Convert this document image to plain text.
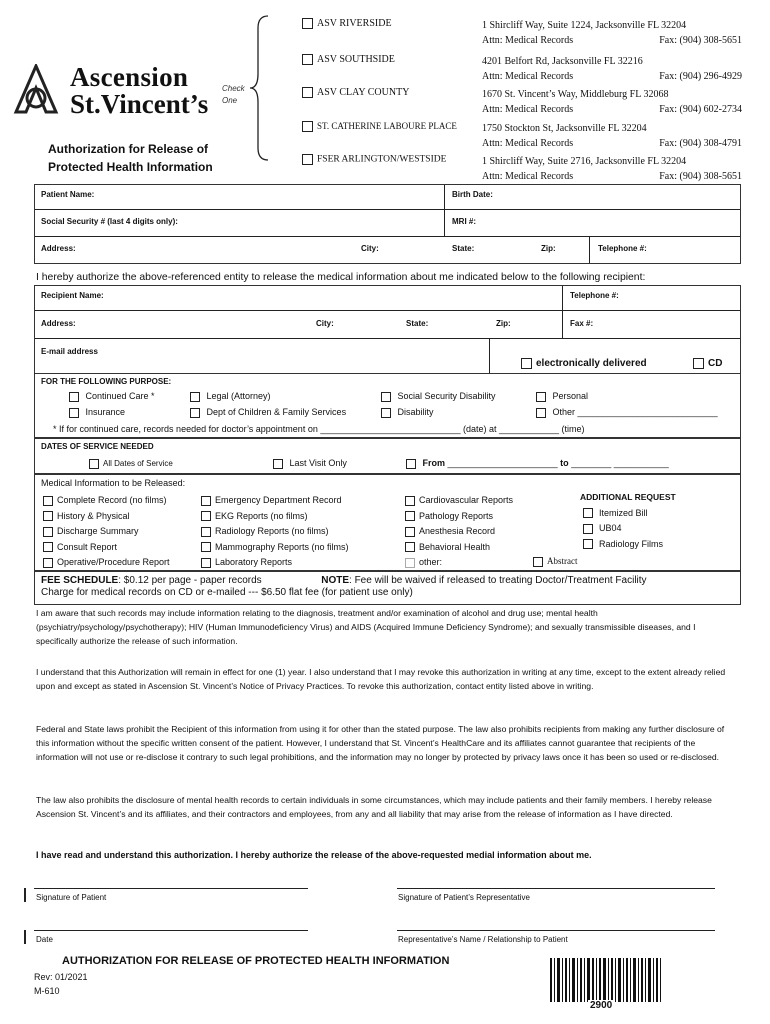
Ascension
St.Vincent’s
Authorization for Release of
Protected Health Information
Check
One
ASV RIVERSIDE	1 Shircliff Way, Suite 1224, Jacksonville FL 32204
Attn: Medical Records	Fax: (904) 308-5651
ASV SOUTHSIDE	4201 Belfort Rd, Jacksonville FL 32216
Attn: Medical Records	Fax: (904) 296-4929
ASV CLAY COUNTY	1670 St. Vincent’s Way, Middleburg FL 32068
Attn: Medical Records	Fax: (904) 602-2734
ST. CATHERINE LABOURE PLACE	1750 Stockton St, Jacksonville FL 32204
Attn: Medical Records	Fax: (904) 308-4791
FSER ARLINGTON/WESTSIDE	1 Shircliff Way, Suite 2716, Jacksonville FL 32204
Attn: Medical Records	Fax: (904) 308-5651
Patient Name:	Birth Date:
Social Security # (last 4 digits only):	MRI #:
Address:	City:	State:	Zip:	Telephone #:
I hereby authorize the above-referenced entity to release the medical information about me indicated below to the following recipient:
Recipient Name:	Telephone #:
Address:	City:	State:	Zip:	Fax #:
E-mail address
electronically delivered	CD
FOR THE FOLLOWING PURPOSE:
Continued Care *
Insurance
Legal (Attorney)
Dept of Children & Family Services
Social Security Disability
Disability
Personal
Other ____________________________
* If for continued care, records needed for doctor’s appointment on ____________________________ (date) at ____________ (time)
DATES OF SERVICE NEEDED
All Dates of Service	Last Visit Only	From ______________________ to ________ ___________
Medical Information to be Released:
Complete Record (no films)
History & Physical
Discharge Summary
Consult Report
Operative/Procedure Report
Emergency Department Record
EKG Reports (no films)
Radiology Reports (no films)
Mammography Reports (no films)
Laboratory Reports
Cardiovascular Reports
Pathology Reports
Anesthesia Record
Behavioral Health
other:	Abstract
ADDITIONAL REQUEST
Itemized Bill
UB04
Radiology Films
FEE SCHEDULE: $0.12 per page - paper records	NOTE: Fee will be waived if released to treating Doctor/Treatment Facility
Charge for medical records on CD or e-mailed --- $6.50 flat fee (for patient use only)
I am aware that such records may include information relating to the diagnosis, treatment and/or examination of alcohol and drug use; mental health (psychiatry/psychology/psychotherapy); HIV (Human Immunodeficiency Virus) and AIDS (Acquired Immune Deficiency Syndrome); and sexually transmissible diseases, and I specifically authorize the release of such information.
I understand that this Authorization will remain in effect for one (1) year. I also understand that I may revoke this authorization in writing at any time, except to the extent already relied upon and except as stated in Ascension St. Vincent’s Notice of Privacy Practices. To revoke this authorization, contact entity listed above in writing.
Federal and State laws prohibit the Recipient of this information from using it for other than the stated purpose. The law also prohibits recipients from making any further disclosure of this information without the specific written consent of the patient. However, I understand that St. Vincent’s HealthCare and its affiliates cannot guarantee that recipients of the information will not use or re-disclose it contrary to such legal prohibitions, and the information may no longer by protected by privacy laws once it has been so used or re-disclosed.
The law also prohibits the disclosure of mental health records to certain individuals in some circumstances, which may include patients and their family members. I hereby release Ascension St. Vincent’s and its affiliates, and their contractors and employees, from any and all liability that may arise from the release of information as I have directed.
I have read and understand this authorization. I hereby authorize the release of the above-requested medial information about me.
Signature of Patient	Signature of Patient’s Representative
Date	Representative’s Name / Relationship to Patient
AUTHORIZATION FOR RELEASE OF PROTECTED HEALTH INFORMATION
Rev: 01/2021
M-610
2900
